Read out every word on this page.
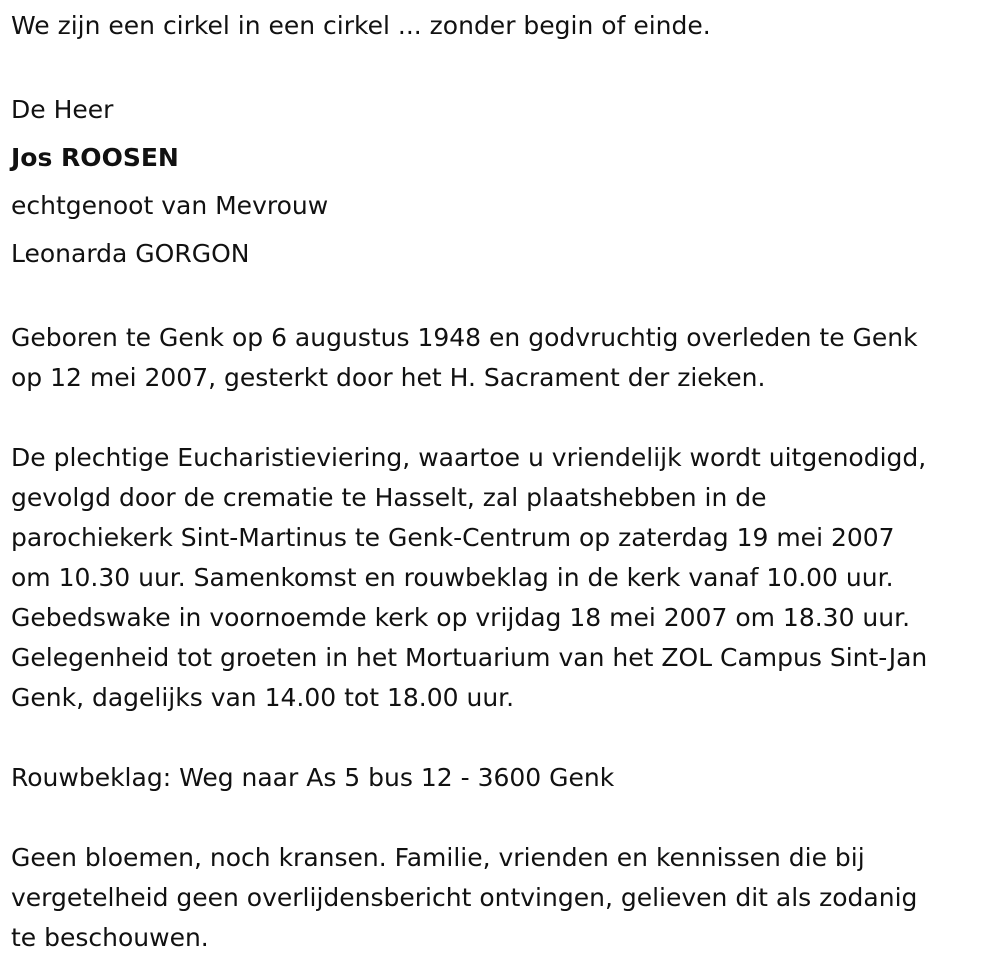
We zijn een cirkel in een cirkel ... zonder begin of einde.
De Heer
Jos ROOSEN
echtgenoot van Mevrouw
Leonarda GORGON
Geboren te Genk op 6 augustus 1948 en godvruchtig overleden te Genk
op 12 mei 2007, gesterkt door het H. Sacrament der zieken.
De plechtige Eucharistieviering, waartoe u vriendelijk wordt uitgenodigd,
gevolgd door de crematie te Hasselt, zal plaatshebben in de
parochiekerk Sint-Martinus te Genk-Centrum op zaterdag 19 mei 2007
om 10.30 uur. Samenkomst en rouwbeklag in de kerk vanaf 10.00 uur.
Gebedswake in voornoemde kerk op vrijdag 18 mei 2007 om 18.30 uur.
Gelegenheid tot groeten in het Mortuarium van het ZOL Campus Sint-Jan
Genk, dagelijks van 14.00 tot 18.00 uur.
Rouwbeklag: Weg naar As 5 bus 12 - 3600 Genk
Geen bloemen, noch kransen. Familie, vrienden en kennissen die bij
vergetelheid geen overlijdensbericht ontvingen, gelieven dit als zodanig
te beschouwen.
